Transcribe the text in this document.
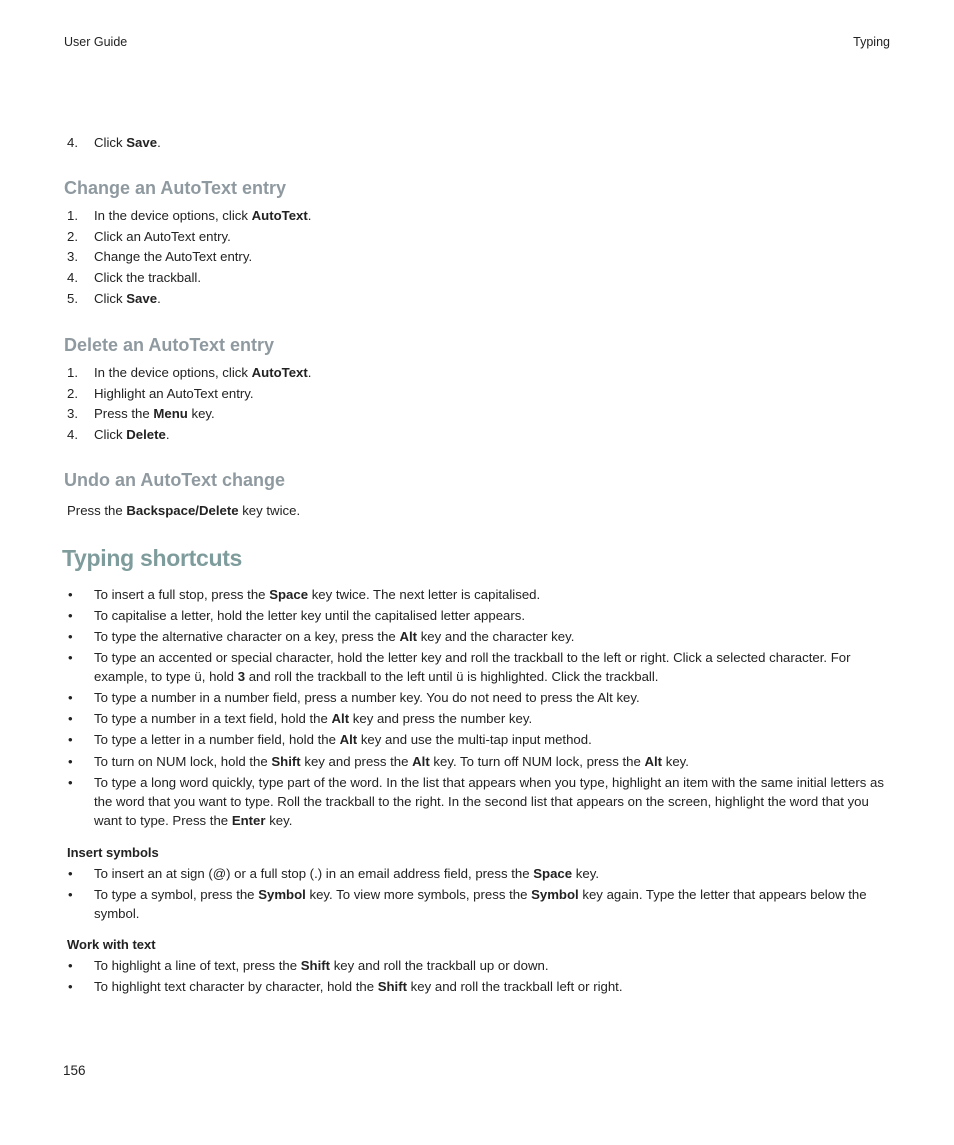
User Guide	Typing
4. Click Save.
Change an AutoText entry
1. In the device options, click AutoText.
2. Click an AutoText entry.
3. Change the AutoText entry.
4. Click the trackball.
5. Click Save.
Delete an AutoText entry
1. In the device options, click AutoText.
2. Highlight an AutoText entry.
3. Press the Menu key.
4. Click Delete.
Undo an AutoText change

Press the Backspace/Delete key twice.

Typing shortcuts
• To insert a full stop, press the Space key twice. The next letter is capitalised.
• To capitalise a letter, hold the letter key until the capitalised letter appears.
• To type the alternative character on a key, press the Alt key and the character key.
• To type an accented or special character, hold the letter key and roll the trackball to the left or right. Click a selected character. For example, to type ü, hold 3 and roll the trackball to the left until ü is highlighted. Click the trackball.
• To type a number in a number field, press a number key. You do not need to press the Alt key.
• To type a number in a text field, hold the Alt key and press the number key.
• To type a letter in a number field, hold the Alt key and use the multi-tap input method.
• To turn on NUM lock, hold the Shift key and press the Alt key. To turn off NUM lock, press the Alt key.
• To type a long word quickly, type part of the word. In the list that appears when you type, highlight an item with the same initial letters as the word that you want to type. Roll the trackball to the right. In the second list that appears on the screen, highlight the word that you want to type. Press the Enter key.

Insert symbols

• To insert an at sign (@) or a full stop (.) in an email address field, press the Space key.
• To type a symbol, press the Symbol key. To view more symbols, press the Symbol key again. Type the letter that appears below the symbol.

Work with text

• To highlight a line of text, press the Shift key and roll the trackball up or down.
• To highlight text character by character, hold the Shift key and roll the trackball left or right.
156
